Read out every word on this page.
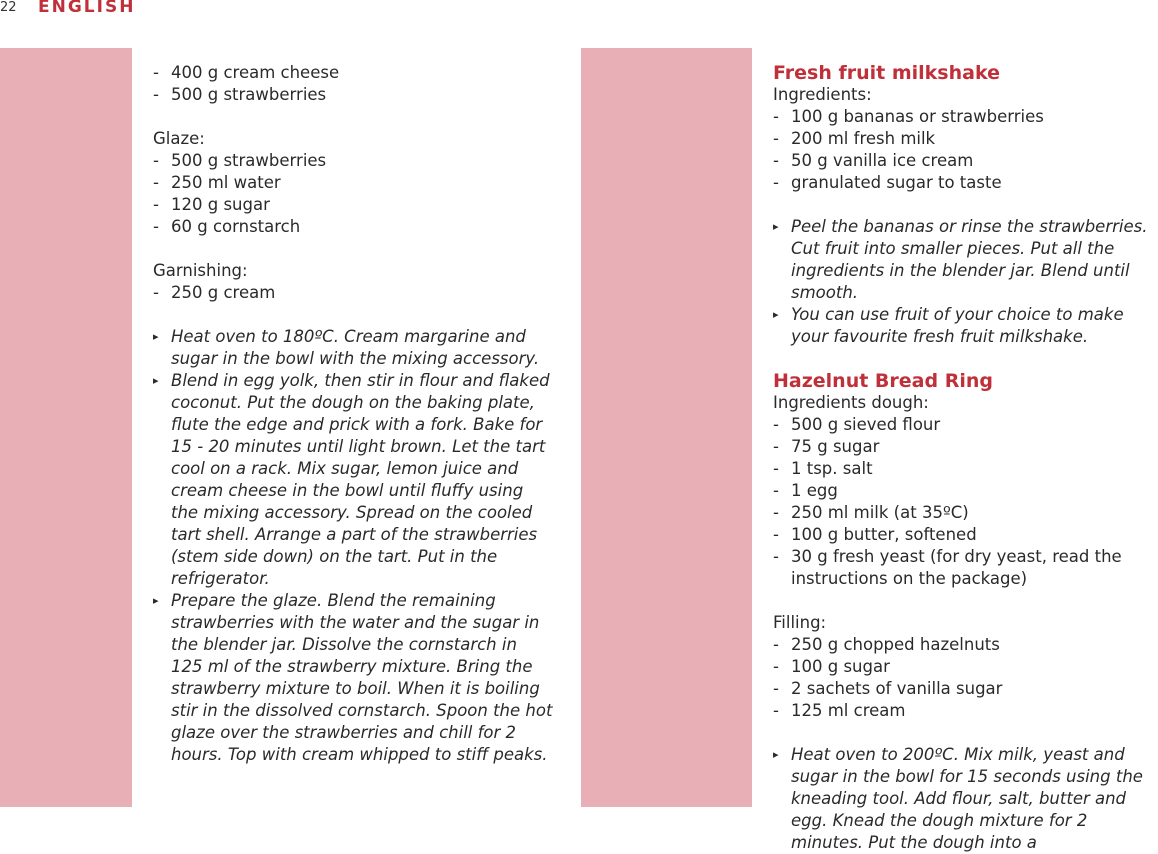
22 ENGLISH
- 400 g cream cheese
- 500 g strawberries
Glaze:
- 500 g strawberries
- 250 ml water
- 120 g sugar
- 60 g cornstarch
Garnishing:
- 250 g cream
▸ Heat oven to 180ºC. Cream margarine and sugar in the bowl with the mixing accessory.
▸ Blend in egg yolk, then stir in flour and flaked coconut. Put the dough on the baking plate, flute the edge and prick with a fork. Bake for 15 - 20 minutes until light brown. Let the tart cool on a rack. Mix sugar, lemon juice and cream cheese in the bowl until fluffy using the mixing accessory. Spread on the cooled tart shell. Arrange a part of the strawberries (stem side down) on the tart. Put in the refrigerator.
▸ Prepare the glaze. Blend the remaining strawberries with the water and the sugar in the blender jar. Dissolve the cornstarch in 125 ml of the strawberry mixture. Bring the strawberry mixture to boil. When it is boiling stir in the dissolved cornstarch. Spoon the hot glaze over the strawberries and chill for 2 hours. Top with cream whipped to stiff peaks.
Fresh fruit milkshake
Ingredients:
- 100 g bananas or strawberries
- 200 ml fresh milk
- 50 g vanilla ice cream
- granulated sugar to taste
▸ Peel the bananas or rinse the strawberries. Cut fruit into smaller pieces. Put all the ingredients in the blender jar. Blend until smooth.
▸ You can use fruit of your choice to make your favourite fresh fruit milkshake.
Hazelnut Bread Ring
Ingredients dough:
- 500 g sieved flour
- 75 g sugar
- 1 tsp. salt
- 1 egg
- 250 ml milk (at 35ºC)
- 100 g butter, softened
- 30 g fresh yeast (for dry yeast, read the instructions on the package)
Filling:
- 250 g chopped hazelnuts
- 100 g sugar
- 2 sachets of vanilla sugar
- 125 ml cream
▸ Heat oven to 200ºC. Mix milk, yeast and sugar in the bowl for 15 seconds using the kneading tool. Add flour, salt, butter and egg. Knead the dough mixture for 2 minutes. Put the dough into a
